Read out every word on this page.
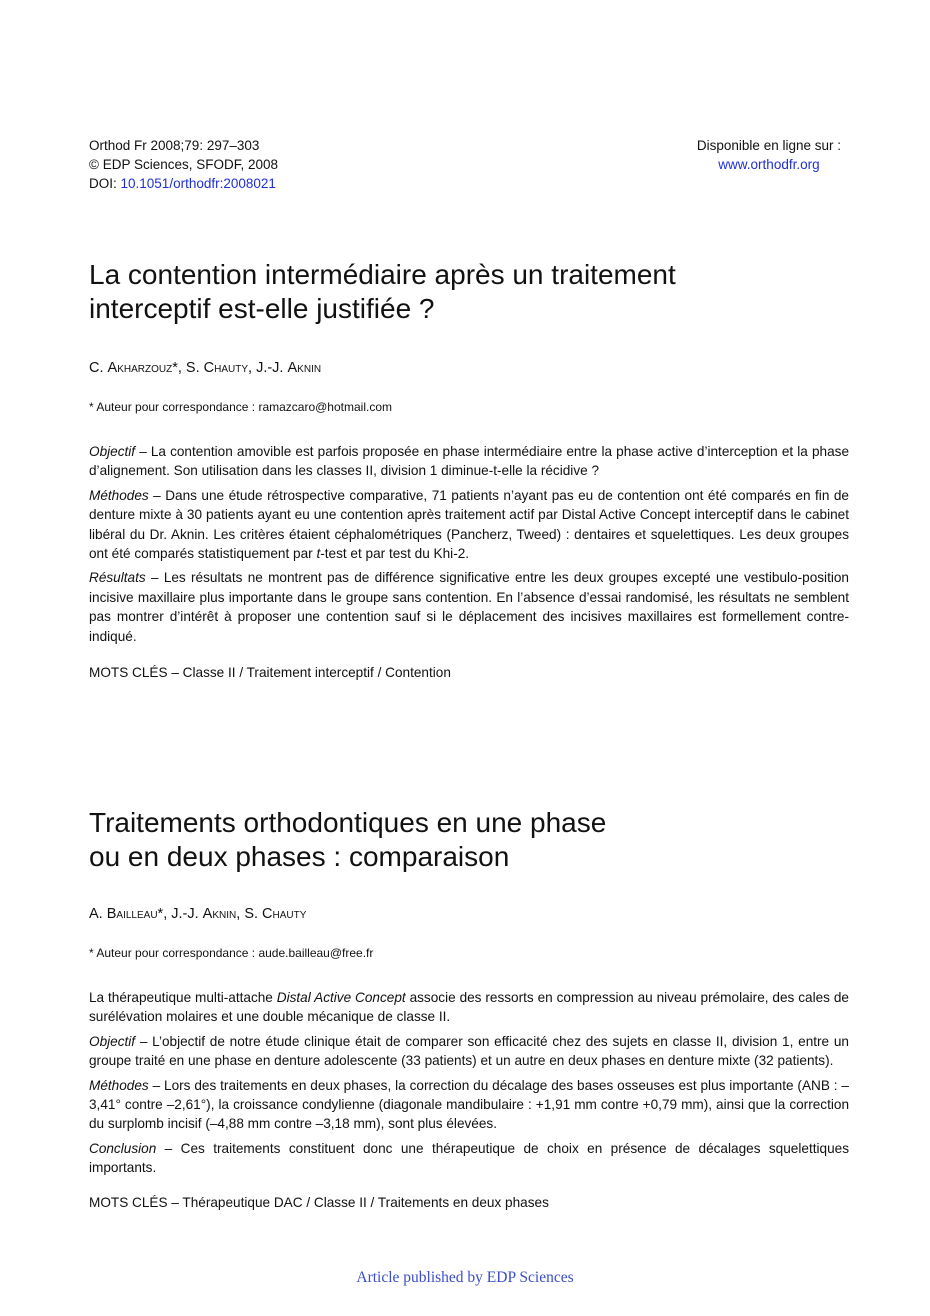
Orthod Fr 2008;79: 297–303
© EDP Sciences, SFODF, 2008
DOI: 10.1051/orthodfr:2008021
Disponible en ligne sur :
www.orthodfr.org
La contention intermédiaire après un traitement
interceptif est-elle justifiée ?
C. Akharzouz*, S. Chauty, J.-J. Aknin
* Auteur pour correspondance : ramazcaro@hotmail.com

Objectif – La contention amovible est parfois proposée en phase intermédiaire entre la phase active d’interception et la phase d’alignement. Son utilisation dans les classes II, division 1 diminue-t-elle la récidive ?

Méthodes – Dans une étude rétrospective comparative, 71 patients n’ayant pas eu de contention ont été comparés en fin de denture mixte à 30 patients ayant eu une contention après traitement actif par Distal Active Concept interceptif dans le cabinet libéral du Dr. Aknin. Les critères étaient céphalométriques (Pancherz, Tweed) : dentaires et squelettiques. Les deux groupes ont été comparés statistiquement par t-test et par test du Khi-2.

Résultats – Les résultats ne montrent pas de différence significative entre les deux groupes excepté une vestibulo-position incisive maxillaire plus importante dans le groupe sans contention. En l’absence d’essai randomisé, les résultats ne semblent pas montrer d’intérêt à proposer une contention sauf si le déplacement des incisives maxillaires est formellement contre-indiqué.

MOTS CLÉS – Classe II / Traitement interceptif / Contention
Traitements orthodontiques en une phase
ou en deux phases : comparaison
A. Bailleau*, J.-J. Aknin, S. Chauty
* Auteur pour correspondance : aude.bailleau@free.fr

La thérapeutique multi-attache Distal Active Concept associe des ressorts en compression au niveau prémolaire, des cales de surélévation molaires et une double mécanique de classe II.

Objectif – L’objectif de notre étude clinique était de comparer son efficacité chez des sujets en classe II, division 1, entre un groupe traité en une phase en denture adolescente (33 patients) et un autre en deux phases en denture mixte (32 patients).

Méthodes – Lors des traitements en deux phases, la correction du décalage des bases osseuses est plus importante (ANB : –3,41° contre –2,61°), la croissance condylienne (diagonale mandibulaire : +1,91 mm contre +0,79 mm), ainsi que la correction du surplomb incisif (–4,88 mm contre –3,18 mm), sont plus élevées.

Conclusion – Ces traitements constituent donc une thérapeutique de choix en présence de décalages squelettiques importants.

MOTS CLÉS – Thérapeutique DAC / Classe II / Traitements en deux phases
Article published by EDP Sciences
